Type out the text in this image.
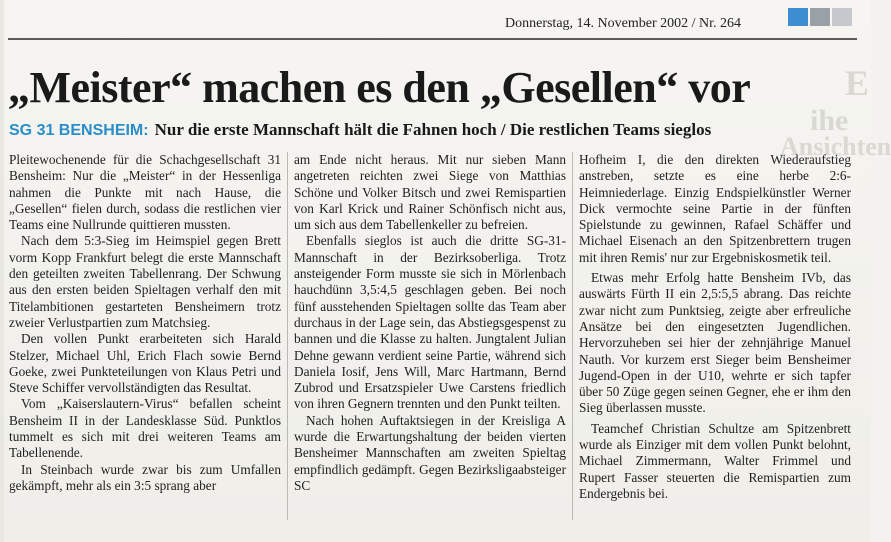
E
ihe
Ansichten
Donnerstag, 14. November 2002 / Nr. 264
„Meister“ machen es den „Gesellen“ vor
SG 31 BENSHEIM: Nur die erste Mannschaft hält die Fahnen hoch / Die restlichen Teams sieglos

Pleitewochenende für die Schachgesellschaft 31 Bensheim: Nur die „Meister“ in der Hessenliga nahmen die Punkte mit nach Hause, die „Gesellen“ fielen durch, sodass die restlichen vier Teams eine Nullrunde quittieren mussten.

Nach dem 5:3-Sieg im Heimspiel gegen Brett vorm Kopp Frankfurt belegt die erste Mannschaft den geteilten zweiten Tabellenrang. Der Schwung aus den ersten beiden Spieltagen verhalf den mit Titelambitionen gestarteten Bensheimern trotz zweier Verlustpartien zum Matchsieg.

Den vollen Punkt erarbeiteten sich Harald Stelzer, Michael Uhl, Erich Flach sowie Bernd Goeke, zwei Punkteteilungen von Klaus Petri und Steve Schiffer vervollständigten das Resultat.

Vom „Kaiserslautern-Virus“ befallen scheint Bensheim II in der Landesklasse Süd. Punktlos tummelt es sich mit drei weiteren Teams am Tabellenende.

In Steinbach wurde zwar bis zum Umfallen gekämpft, mehr als ein 3:5 sprang aber

am Ende nicht heraus. Mit nur sieben Mann angetreten reichten zwei Siege von Matthias Schöne und Volker Bitsch und zwei Remispartien von Karl Krick und Rainer Schönfisch nicht aus, um sich aus dem Tabellenkeller zu befreien.

Ebenfalls sieglos ist auch die dritte SG-31-Mannschaft in der Bezirksoberliga. Trotz ansteigender Form musste sie sich in Mörlenbach hauchdünn 3,5:4,5 geschlagen geben. Bei noch fünf ausstehenden Spieltagen sollte das Team aber durchaus in der Lage sein, das Abstiegsgespenst zu bannen und die Klasse zu halten. Jungtalent Julian Dehne gewann verdient seine Partie, während sich Daniela Iosif, Jens Will, Marc Hartmann, Bernd Zubrod und Ersatzspieler Uwe Carstens friedlich von ihren Gegnern trennten und den Punkt teilten.

Nach hohen Auftaktsiegen in der Kreisliga A wurde die Erwartungshaltung der beiden vierten Bensheimer Mannschaften am zweiten Spieltag empfindlich gedämpft. Gegen Bezirksligaabsteiger SC

Hofheim I, die den direkten Wiederaufstieg anstreben, setzte es eine herbe 2:6-Heimniederlage. Einzig Endspielkünstler Werner Dick vermochte seine Partie in der fünften Spielstunde zu gewinnen, Rafael Schäffer und Michael Eisenach an den Spitzenbrettern trugen mit ihren Remis' nur zur Ergebniskosmetik teil.

Etwas mehr Erfolg hatte Bensheim IVb, das auswärts Fürth II ein 2,5:5,5 abrang. Das reichte zwar nicht zum Punktsieg, zeigte aber erfreuliche Ansätze bei den eingesetzten Jugendlichen. Hervorzuheben sei hier der zehnjährige Manuel Nauth. Vor kurzem erst Sieger beim Bensheimer Jugend-Open in der U10, wehrte er sich tapfer über 50 Züge gegen seinen Gegner, ehe er ihm den Sieg überlassen musste.

Teamchef Christian Schultze am Spitzenbrett wurde als Einziger mit dem vollen Punkt belohnt, Michael Zimmermann, Walter Frimmel und Rupert Fasser steuerten die Remispartien zum Endergebnis bei.
